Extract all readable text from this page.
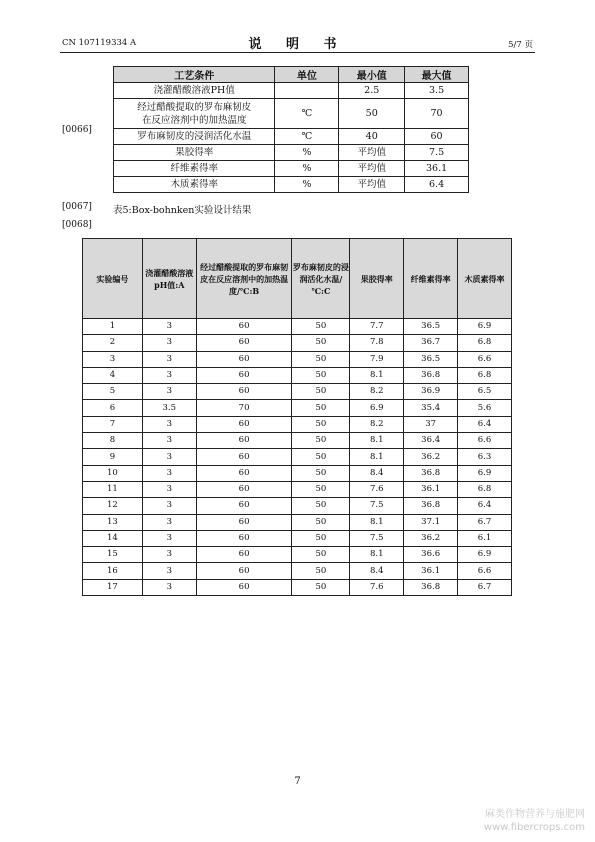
CN 107119334 A	说 明 书	5/7 页
[0066]
工艺条件	单位	最小值	最大值
浇灌醋酸溶液PH值		2.5	3.5
经过醋酸提取的罗布麻韧皮
在反应溶剂中的加热温度	℃	50	70
罗布麻韧皮的浸润活化水温	℃	40	60
果胶得率	%	平均值	7.5
纤维素得率	%	平均值	36.1
木质素得率	%	平均值	6.4
[0067] 表5:Box-bohnken实验设计结果
[0068]
实验编号	浇灌醋酸溶液pH值:A	经过醋酸提取的罗布麻韧皮在反应溶剂中的加热温度/℃:B	罗布麻韧皮的浸润活化水温/℃:C	果胶得率	纤维素得率	木质素得率
1	3	60	50	7.7	36.5	6.9
2	3	60	50	7.8	36.7	6.8
3	3	60	50	7.9	36.5	6.6
4	3	60	50	8.1	36.8	6.8
5	3	60	50	8.2	36.9	6.5
6	3.5	70	50	6.9	35.4	5.6
7	3	60	50	8.2	37	6.4
8	3	60	50	8.1	36.4	6.6
9	3	60	50	8.1	36.2	6.3
10	3	60	50	8.4	36.8	6.9
11	3	60	50	7.6	36.1	6.8
12	3	60	50	7.5	36.8	6.4
13	3	60	50	8.1	37.1	6.7
14	3	60	50	7.5	36.2	6.1
15	3	60	50	8.1	36.6	6.9
16	3	60	50	8.4	36.1	6.6
17	3	60	50	7.6	36.8	6.7
7
麻类作物营养与施肥网
www.fibercrops.com
